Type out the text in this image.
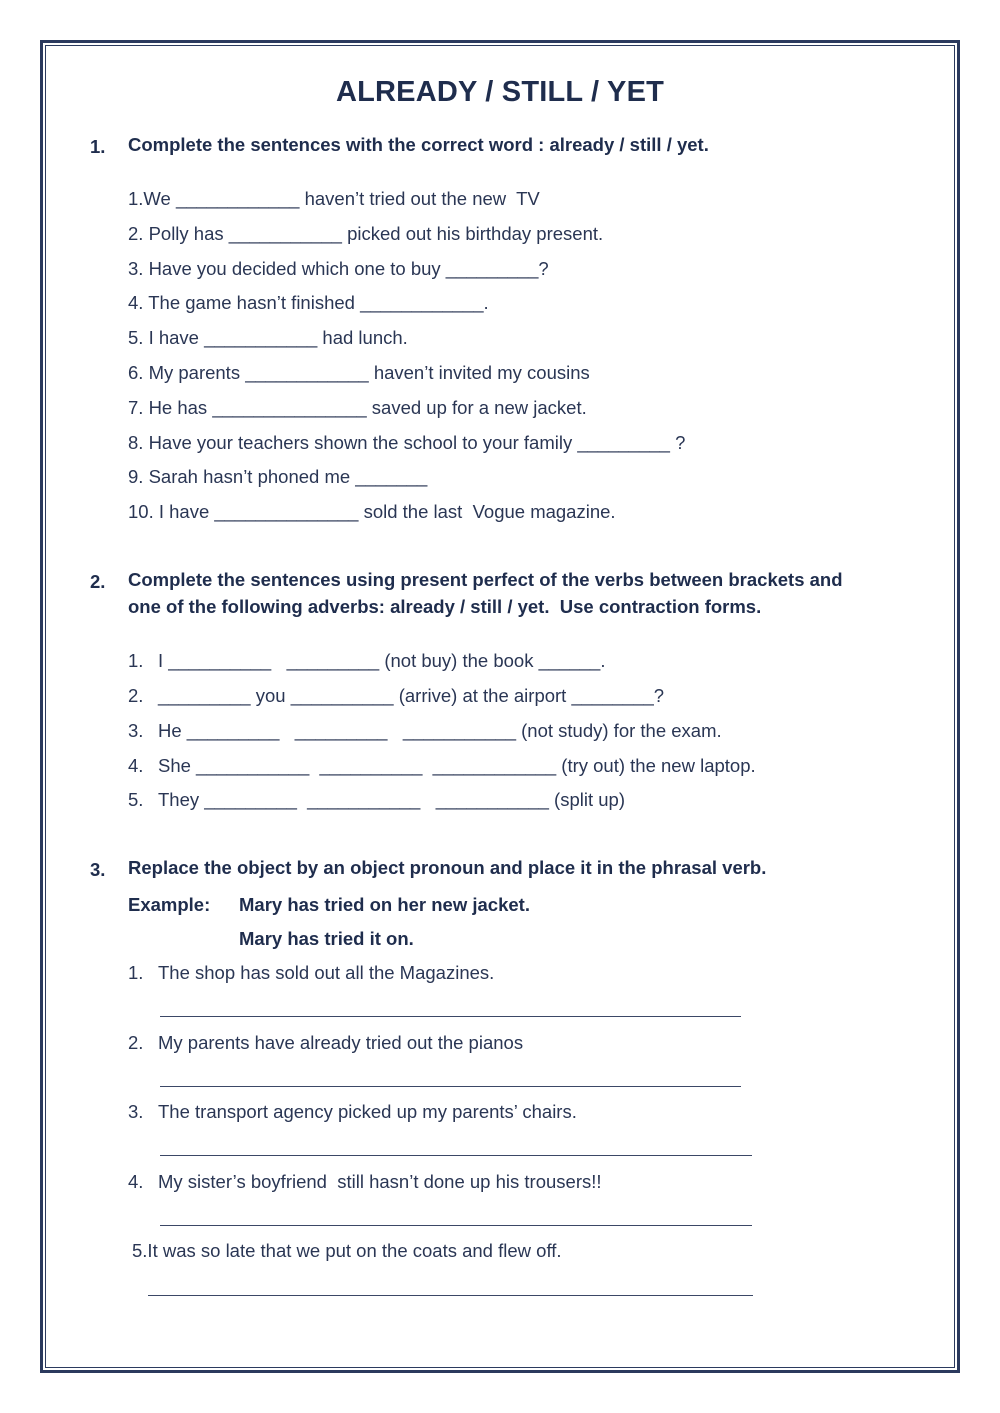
ALREADY / STILL / YET
1. Complete the sentences with the correct word : already / still / yet.
1.We ____________ haven’t tried out the new  TV
2. Polly has ___________ picked out his birthday present.
3. Have you decided which one to buy _________?
4. The game hasn’t finished ____________.
5. I have ___________ had lunch.
6. My parents ____________ haven’t invited my cousins
7. He has _______________ saved up for a new jacket.
8. Have your teachers shown the school to your family _________ ?
9. Sarah hasn’t phoned me _______
10. I have ______________ sold the last  Vogue magazine.
2. Complete the sentences using present perfect of the verbs between brackets and
one of the following adverbs: already / still / yet.  Use contraction forms.
1. I __________   _________ (not buy) the book ______.
2. _________ you __________ (arrive) at the airport ________?
3. He _________   _________   ___________ (not study) for the exam.
4. She ___________  __________  ____________ (try out) the new laptop.
5. They _________  ___________   ___________ (split up)
3. Replace the object by an object pronoun and place it in the phrasal verb.
Example: Mary has tried on her new jacket.
Mary has tried it on.
1. The shop has sold out all the Magazines.
2. My parents have already tried out the pianos
3. The transport agency picked up my parents’ chairs.
4. My sister’s boyfriend  still hasn’t done up his trousers!!
5.It was so late that we put on the coats and flew off.
